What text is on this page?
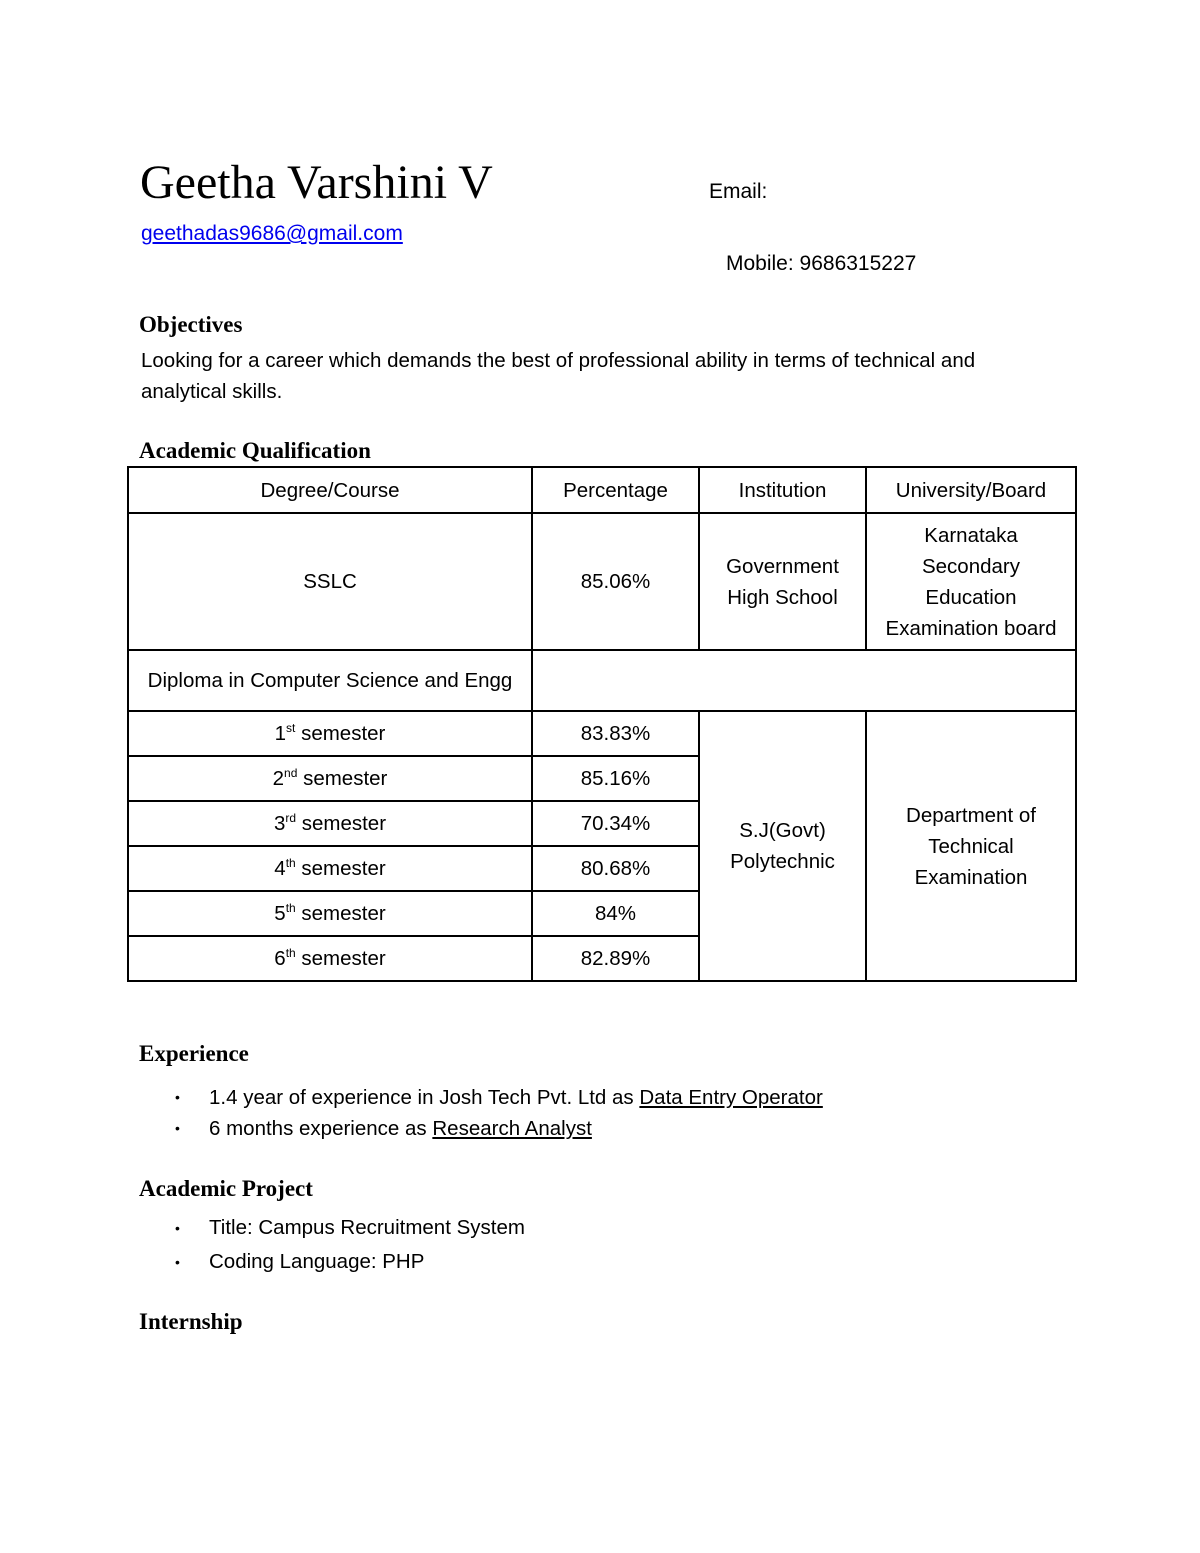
Geetha Varshini V	Email:
geethadas9686@gmail.com
Mobile: 9686315227
Objectives
Looking for a career which demands the best of professional ability in terms of technical and analytical skills.
Academic Qualification
Degree/Course	Percentage	Institution	University/Board
SSLC	85.06%	Government High School	Karnataka Secondary Education Examination board
Diploma in Computer Science and Engg			
1st semester	83.83%	S.J(Govt) Polytechnic	Department of Technical Examination
2nd semester	85.16%		
3rd semester	70.34%		
4th semester	80.68%		
5th semester	84%		
6th semester	82.89%		
Experience
• 1.4 year of experience in Josh Tech Pvt. Ltd as Data Entry Operator
• 6 months experience as Research Analyst
Academic Project
• Title: Campus Recruitment System
• Coding Language: PHP
Internship
